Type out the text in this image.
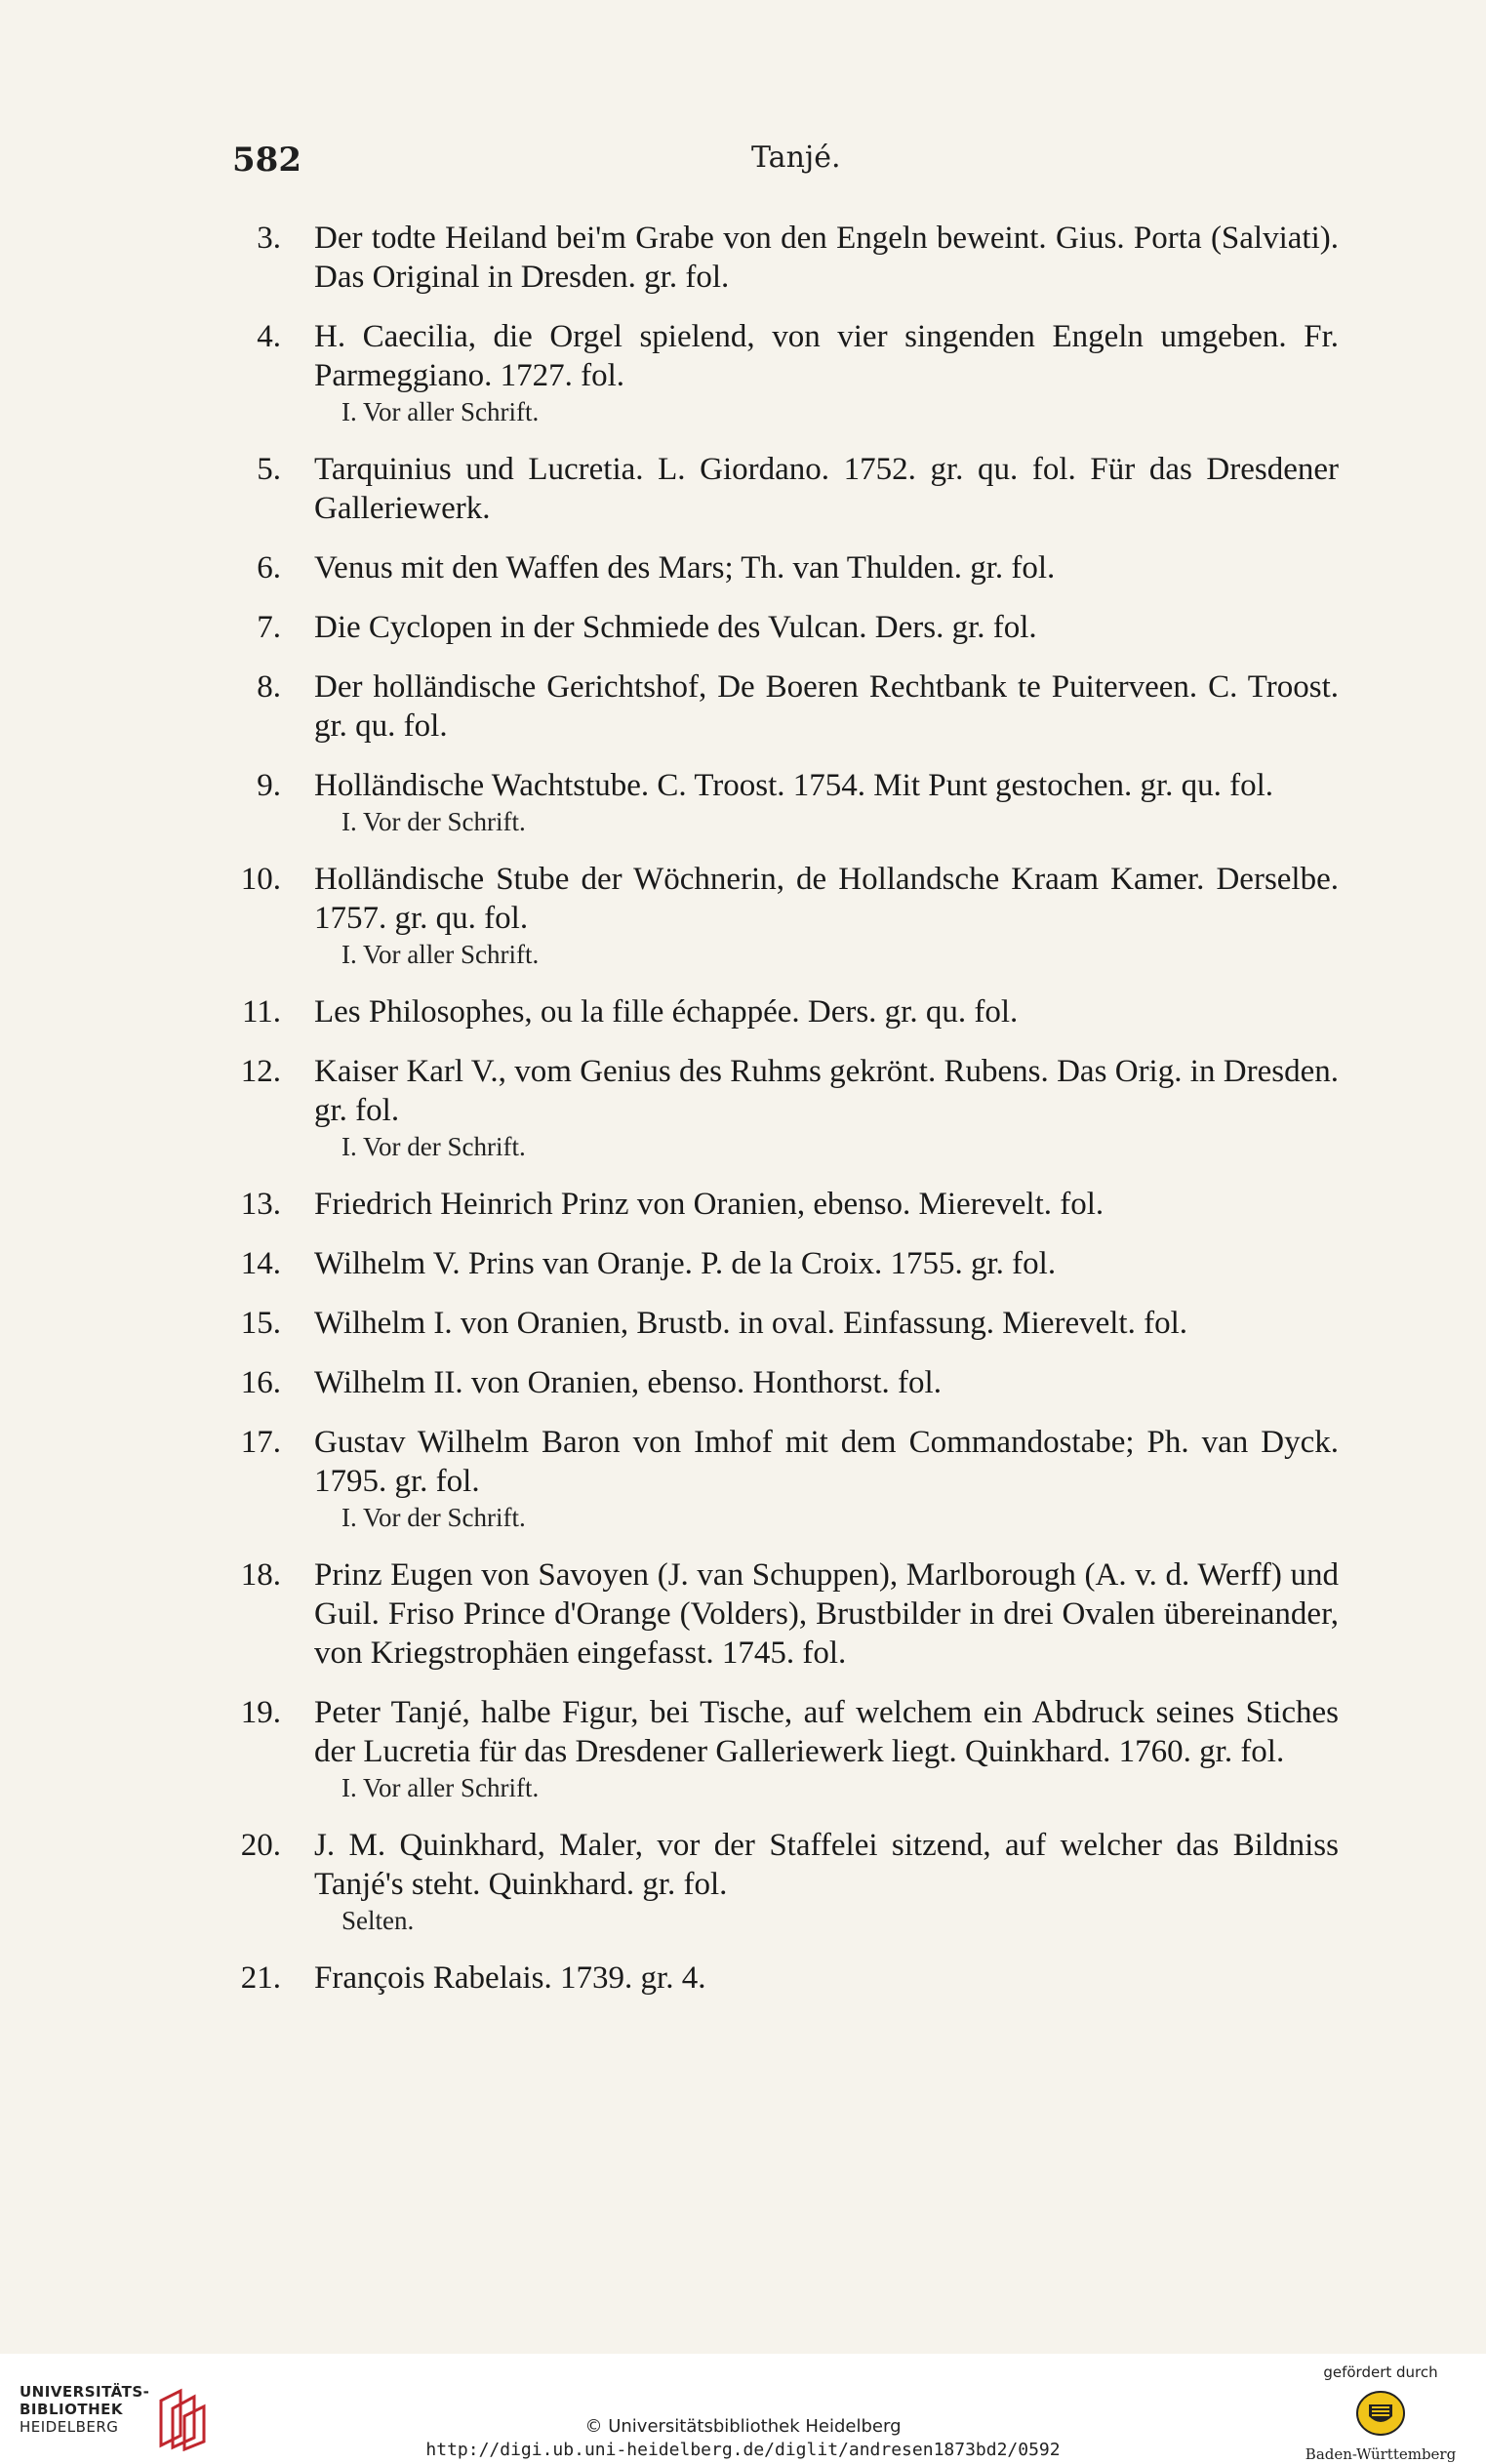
582	Tanjé.
3. Der todte Heiland bei'm Grabe von den Engeln beweint. Gius. Porta (Salviati). Das Original in Dresden. gr. fol.
4. H. Caecilia, die Orgel spielend, von vier singenden Engeln umgeben. Fr. Parmeggiano. 1727. fol.
I. Vor aller Schrift.
5. Tarquinius und Lucretia. L. Giordano. 1752. gr. qu. fol. Für das Dresdener Galleriewerk.
6. Venus mit den Waffen des Mars; Th. van Thulden. gr. fol.
7. Die Cyclopen in der Schmiede des Vulcan. Ders. gr. fol.
8. Der holländische Gerichtshof, De Boeren Rechtbank te Puiterveen. C. Troost. gr. qu. fol.
9. Holländische Wachtstube. C. Troost. 1754. Mit Punt gestochen. gr. qu. fol.
I. Vor der Schrift.
10. Holländische Stube der Wöchnerin, de Hollandsche Kraam Kamer. Derselbe. 1757. gr. qu. fol.
I. Vor aller Schrift.
11. Les Philosophes, ou la fille échappée. Ders. gr. qu. fol.
12. Kaiser Karl V., vom Genius des Ruhms gekrönt. Rubens. Das Orig. in Dresden. gr. fol.
I. Vor der Schrift.
13. Friedrich Heinrich Prinz von Oranien, ebenso. Mierevelt. fol.
14. Wilhelm V. Prins van Oranje. P. de la Croix. 1755. gr. fol.
15. Wilhelm I. von Oranien, Brustb. in oval. Einfassung. Mierevelt. fol.
16. Wilhelm II. von Oranien, ebenso. Honthorst. fol.
17. Gustav Wilhelm Baron von Imhof mit dem Commandostabe; Ph. van Dyck. 1795. gr. fol.
I. Vor der Schrift.
18. Prinz Eugen von Savoyen (J. van Schuppen), Marlborough (A. v. d. Werff) und Guil. Friso Prince d'Orange (Volders), Brustbilder in drei Ovalen übereinander, von Kriegstrophäen eingefasst. 1745. fol.
19. Peter Tanjé, halbe Figur, bei Tische, auf welchem ein Abdruck seines Stiches der Lucretia für das Dresdener Galleriewerk liegt. Quinkhard. 1760. gr. fol.
I. Vor aller Schrift.
20. J. M. Quinkhard, Maler, vor der Staffelei sitzend, auf welcher das Bildniss Tanjé's steht. Quinkhard. gr. fol.
Selten.
21. François Rabelais. 1739. gr. 4.
UNIVERSITÄTS-
BIBLIOTHEK
HEIDELBERG	© Universitätsbibliothek Heidelberg
http://digi.ub.uni-heidelberg.de/diglit/andresen1873bd2/0592
gefördert durch
Baden-Württemberg
